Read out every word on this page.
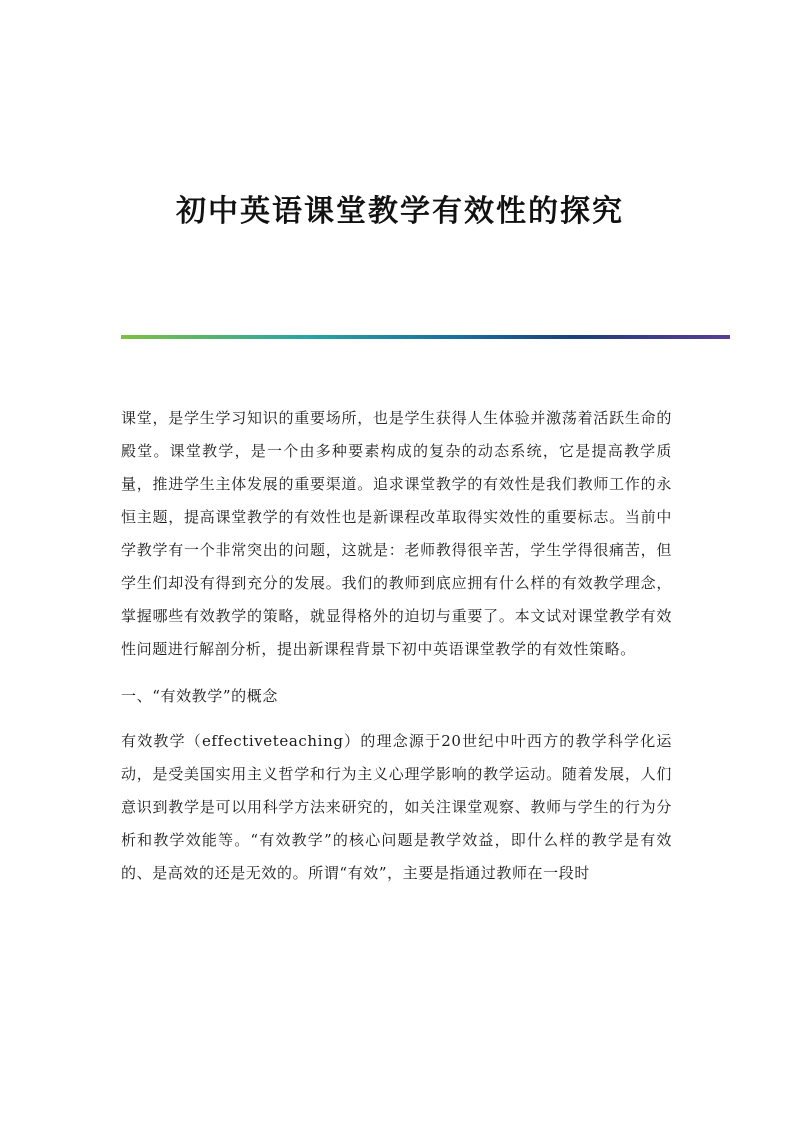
初中英语课堂教学有效性的探究

课堂，是学生学习知识的重要场所，也是学生获得人生体验并激荡着活跃生命的殿堂。课堂教学，是一个由多种要素构成的复杂的动态系统，它是提高教学质量，推进学生主体发展的重要渠道。追求课堂教学的有效性是我们教师工作的永恒主题，提高课堂教学的有效性也是新课程改革取得实效性的重要标志。当前中学教学有一个非常突出的问题，这就是：老师教得很辛苦，学生学得很痛苦，但学生们却没有得到充分的发展。我们的教师到底应拥有什么样的有效教学理念，掌握哪些有效教学的策略，就显得格外的迫切与重要了。本文试对课堂教学有效性问题进行解剖分析，提出新课程背景下初中英语课堂教学的有效性策略。

一、“有效教学”的概念

有效教学（effectiveteaching）的理念源于20世纪中叶西方的教学科学化运动，是受美国实用主义哲学和行为主义心理学影响的教学运动。随着发展，人们意识到教学是可以用科学方法来研究的，如关注课堂观察、教师与学生的行为分析和教学效能等。“有效教学”的核心问题是教学效益，即什么样的教学是有效的、是高效的还是无效的。所谓“有效”，主要是指通过教师在一段时
